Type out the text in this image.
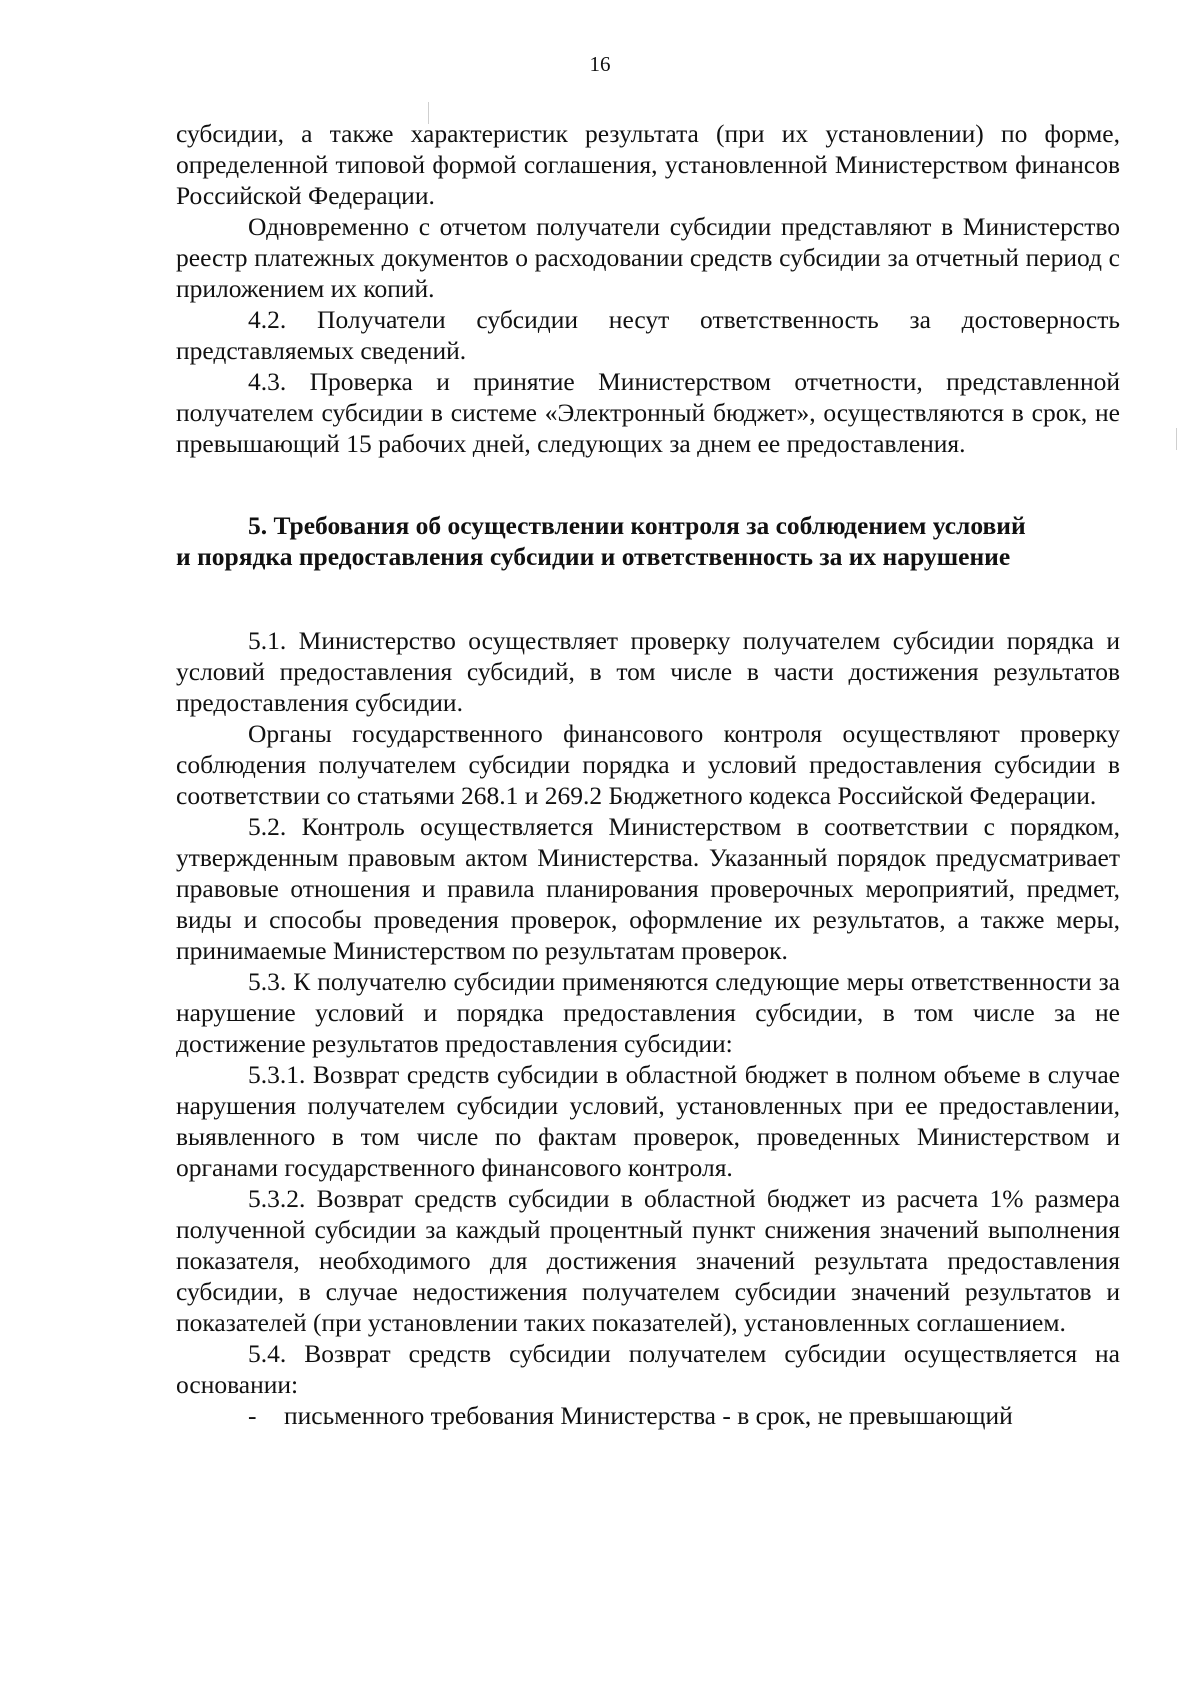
16

субсидии, а также характеристик результата (при их установлении) по форме, определенной типовой формой соглашения, установленной Министерством финансов Российской Федерации.

Одновременно с отчетом получатели субсидии представляют в Министерство реестр платежных документов о расходовании средств субсидии за отчетный период с приложением их копий.

4.2. Получатели субсидии несут ответственность за достоверность представляемых сведений.

4.3. Проверка и принятие Министерством отчетности, представленной получателем субсидии в системе «Электронный бюджет», осуществляются в срок, не превышающий 15 рабочих дней, следующих за днем ее предоставления.

5. Требования об осуществлении контроля за соблюдением условий
и порядка предоставления субсидии и ответственность за их нарушение

5.1. Министерство осуществляет проверку получателем субсидии порядка и условий предоставления субсидий, в том числе в части достижения результатов предоставления субсидии.

Органы государственного финансового контроля осуществляют проверку соблюдения получателем субсидии порядка и условий предоставления субсидии в соответствии со статьями 268.1 и 269.2 Бюджетного кодекса Российской Федерации.

5.2. Контроль осуществляется Министерством в соответствии с порядком, утвержденным правовым актом Министерства. Указанный порядок предусматривает правовые отношения и правила планирования проверочных мероприятий, предмет, виды и способы проведения проверок, оформление их результатов, а также меры, принимаемые Министерством по результатам проверок.

5.3. К получателю субсидии применяются следующие меры ответственности за нарушение условий и порядка предоставления субсидии, в том числе за не достижение результатов предоставления субсидии:

5.3.1. Возврат средств субсидии в областной бюджет в полном объеме в случае нарушения получателем субсидии условий, установленных при ее предоставлении, выявленного в том числе по фактам проверок, проведенных Министерством и органами государственного финансового контроля.

5.3.2. Возврат средств субсидии в областной бюджет из расчета 1% размера полученной субсидии за каждый процентный пункт снижения значений выполнения показателя, необходимого для достижения значений результата предоставления субсидии, в случае недостижения получателем субсидии значений результатов и показателей (при установлении таких показателей), установленных соглашением.

5.4. Возврат средств субсидии получателем субсидии осуществляется на основании:

- письменного требования Министерства - в срок, не превышающий
